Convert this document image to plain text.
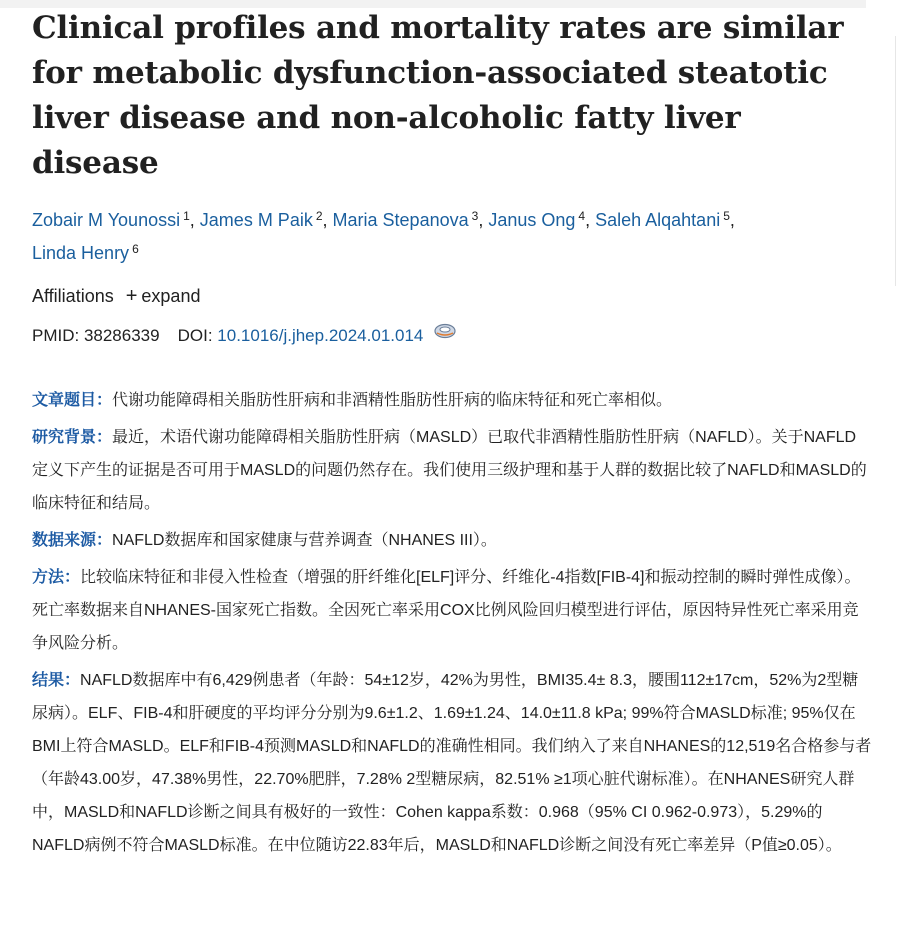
Clinical profiles and mortality rates are similar for metabolic dysfunction-associated steatotic liver disease and non-alcoholic fatty liver disease
Zobair M Younossi $^1$, James M Paik $^2$, Maria Stepanova $^3$, Janus Ong $^4$, Saleh Alqahtani $^5$,
Linda Henry $^6$
Affiliations + expand
PMID: 38286339 DOI: 10.1016/j.jhep.2024.01.014

文章题目：代谢功能障碍相关脂肪性肝病和非酒精性脂肪性肝病的临床特征和死亡率相似。

研究背景：最近，术语代谢功能障碍相关脂肪性肝病（MASLD）已取代非酒精性脂肪性肝病（NAFLD）。关于NAFLD定义下产生的证据是否可用于MASLD的问题仍然存在。我们使用三级护理和基于人群的数据比较了NAFLD和MASLD的临床特征和结局。

数据来源：NAFLD数据库和国家健康与营养调查（NHANES III）。

方法：比较临床特征和非侵入性检查（增强的肝纤维化[ELF]评分、纤维化-4指数[FIB-4]和振动控制的瞬时弹性成像）。死亡率数据来自NHANES-国家死亡指数。全因死亡率采用COX比例风险回归模型进行评估，原因特异性死亡率采用竞争风险分析。

结果：NAFLD数据库中有6,429例患者（年龄：54±12岁，42%为男性，BMI35.4± 8.3，腰围112±17cm，52%为2型糖尿病）。ELF、FIB-4和肝硬度的平均评分分别为9.6±1.2、1.69±1.24、14.0±11.8 kPa; 99%符合MASLD标准; 95%仅在BMI上符合MASLD。ELF和FIB-4预测MASLD和NAFLD的准确性相同。我们纳入了来自NHANES的12,519名合格参与者（年龄43.00岁，47.38%男性，22.70%肥胖，7.28% 2型糖尿病，82.51% ≥1项心脏代谢标准）。在NHANES研究人群中，MASLD和NAFLD诊断之间具有极好的一致性：Cohen kappa系数：0.968（95% CI 0.962-0.973），5.29%的NAFLD病例不符合MASLD标准。在中位随访22.83年后，MASLD和NAFLD诊断之间没有死亡率差异（P值≥0.05）。
